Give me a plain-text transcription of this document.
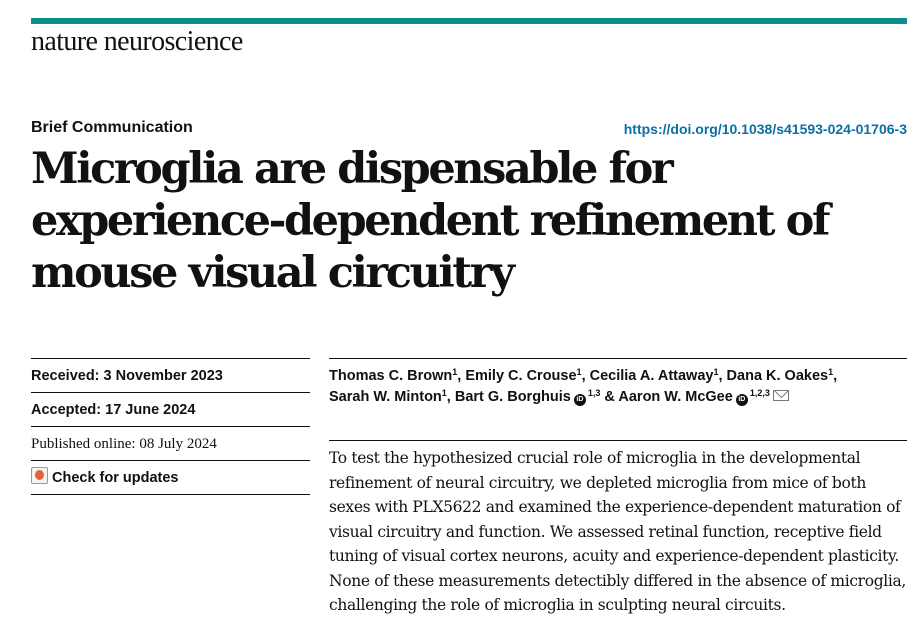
nature neuroscience
Brief Communication	https://doi.org/10.1038/s41593-024-01706-3
Microglia are dispensable for experience-dependent refinement of mouse visual circuitry
Received: 3 November 2023
Accepted: 17 June 2024
Published online: 08 July 2024
Check for updates
Thomas C. Brown$^1$, Emily C. Crouse$^1$, Cecilia A. Attaway$^1$, Dana K. Oakes$^1$,
Sarah W. Minton$^1$, Bart G. Borghuis iD$^{1,3}$ & Aaron W. McGee iD$^{1,2,3}$

To test the hypothesized crucial role of microglia in the developmental refinement of neural circuitry, we depleted microglia from mice of both sexes with PLX5622 and examined the experience-dependent maturation of visual circuitry and function. We assessed retinal function, receptive field tuning of visual cortex neurons, acuity and experience-dependent plasticity. None of these measurements detectibly differed in the absence of microglia, challenging the role of microglia in sculpting neural circuits.
